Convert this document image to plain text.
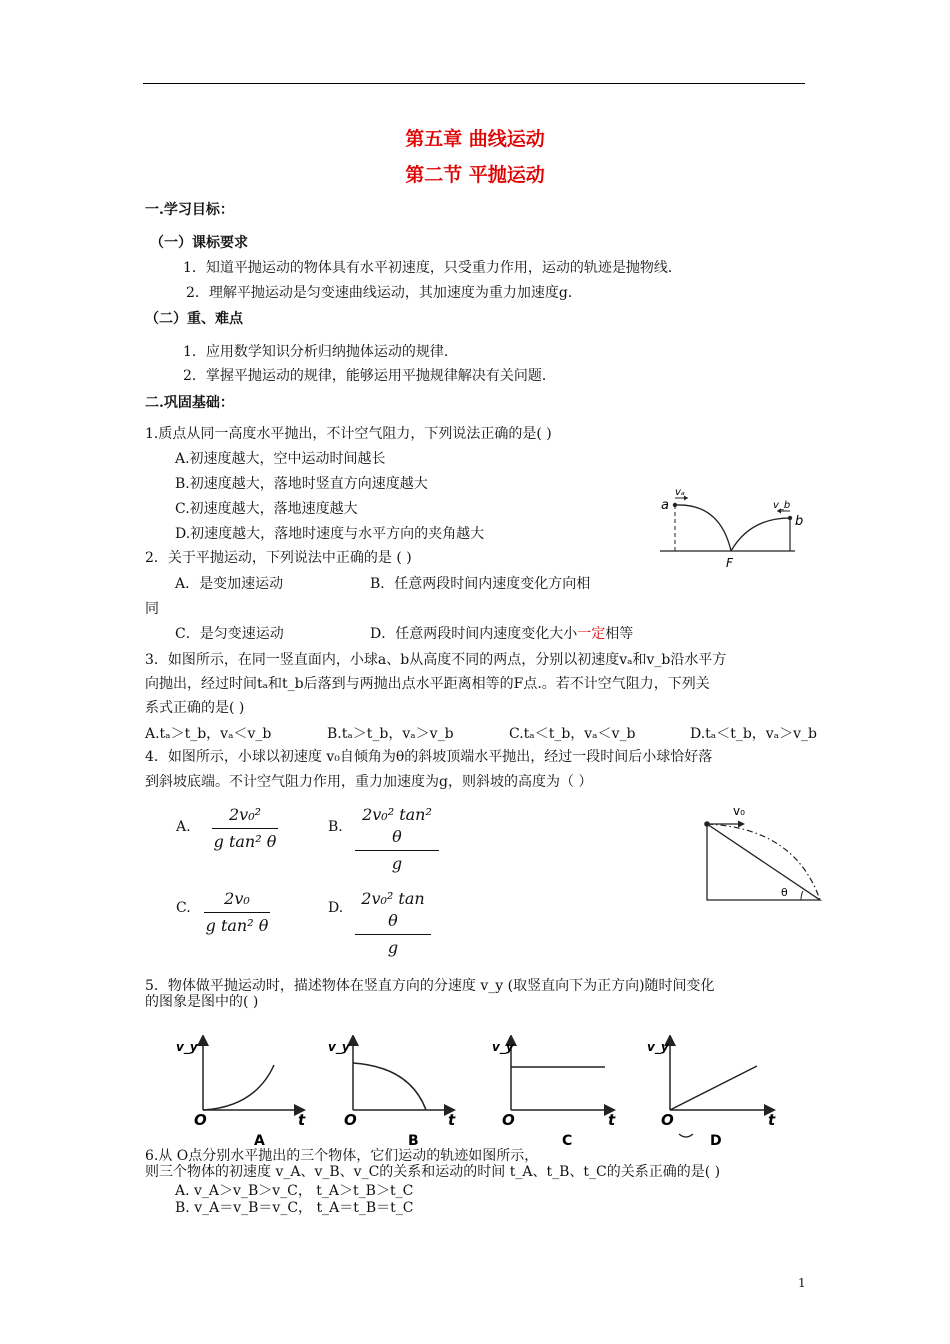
第五章 曲线运动
第二节 平抛运动
一.学习目标：
（一）课标要求
1．知道平抛运动的物体具有水平初速度，只受重力作用，运动的轨迹是抛物线．
2．理解平抛运动是匀变速曲线运动，其加速度为重力加速度g．
（二）重、难点
1．应用数学知识分析归纳抛体运动的规律．
2．掌握平抛运动的规律，能够运用平抛规律解决有关问题．
二.巩固基础：
1.质点从同一高度水平抛出，不计空气阻力，下列说法正确的是( )
A.初速度越大，空中运动时间越长
B.初速度越大，落地时竖直方向速度越大
C.初速度越大，落地速度越大
D.初速度越大，落地时速度与水平方向的夹角越大
a
b
F
vₐ
v_b
2．关于平抛运动，下列说法中正确的是 ( )
A．是变加速运动	B．任意两段时间内速度变化方向相
同
C．是匀变速运动	D．任意两段时间内速度变化大小一定相等
3．如图所示，在同一竖直面内，小球a、b从高度不同的两点，分别以初速度vₐ和v_b沿水平方
向抛出，经过时间tₐ和t_b后落到与两抛出点水平距离相等的F点.。若不计空气阻力，下列关
系式正确的是( )
A.tₐ＞t_b，vₐ＜v_b	B.tₐ＞t_b，vₐ＞v_b	C.tₐ＜t_b，vₐ＜v_b	D.tₐ＜t_b，vₐ＞v_b
4．如图所示，小球以初速度 v₀自倾角为θ的斜坡顶端水平抛出，经过一段时间后小球恰好落
到斜坡底端。不计空气阻力作用，重力加速度为g，则斜坡的高度为（ ）
A.
2v₀²
g tan² θ
B.
2v₀² tan² θ
g
C.	2v₀
g tan² θ
D.	2v₀² tan θ
g
v₀
θ
5．物体做平抛运动时，描述物体在竖直方向的分速度 v_y (取竖直向下为正方向)随时间变化
的图象是图中的( )
v_y
O	t
A
v_y
O	t
B
v_y
O	t
C
v_y
O	t
D
6.从 O点分别水平抛出的三个物体，它们运动的轨迹如图所示，
则三个物体的初速度 v_A、v_B、v_C的关系和运动的时间 t_A、t_B、t_C的关系正确的是( )
A. v_A＞v_B＞v_C， t_A＞t_B＞t_C
B. v_A＝v_B＝v_C， t_A＝t_B＝t_C
1
